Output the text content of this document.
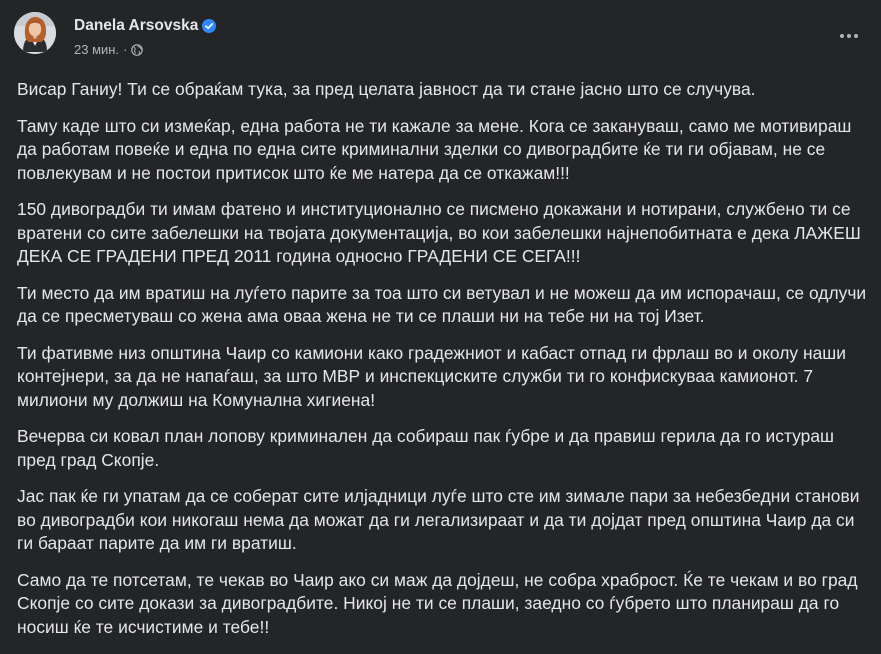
Danela Arsovska
23 мин. ·

Висар Ганиу! Ти се обраќам тука, за пред целата јавност да ти стане јасно што се случува.

Таму каде што си измеќар, една работа не ти кажале за мене. Кога се закануваш, само ме мотивираш да работам повеќе и една по една сите криминални зделки со дивоградбите ќе ти ги објавам, не се повлекувам и не постои притисок што ќе ме натера да се откажам!!!

150 дивоградби ти имам фатено и институционално се писмено докажани и нотирани, службено ти се вратени со сите забелешки на твојата документација, во кои забелешки најнепобитната е дека ЛАЖЕШ ДЕКА СЕ ГРАДЕНИ ПРЕД 2011 година односно ГРАДЕНИ СЕ СЕГА!!!

Ти место да им вратиш на луѓето парите за тоа што си ветувал и не можеш да им испорачаш, се одлучи да се пресметуваш со жена ама оваа жена не ти се плаши ни на тебе ни на тој Изет.

Ти фативме низ општина Чаир со камиони како градежниот и кабаст отпад ги фрлаш во и околу наши контејнери, за да не напаѓаш, за што МВР и инспекциските служби ти го конфискуваа камионот. 7 милиони му должиш на Комунална хигиена!

Вечерва си ковал план лопову криминален да собираш пак ѓубре и да правиш герила да го истураш пред град Скопје.

Јас пак ќе ги упатам да се соберат сите илјадници луѓе што сте им зимале пари за небезбедни станови во дивоградби кои никогаш нема да можат да ги легализираат и да ти дојдат пред општина Чаир да си ги бараат парите да им ги вратиш.

Само да те потсетам, те чекав во Чаир ако си маж да дојдеш, не собра храброст. Ќе те чекам и во град Скопје со сите докази за дивоградбите. Никој не ти се плаши, заедно со ѓубрето што планираш да го носиш ќе те исчистиме и тебе!!
